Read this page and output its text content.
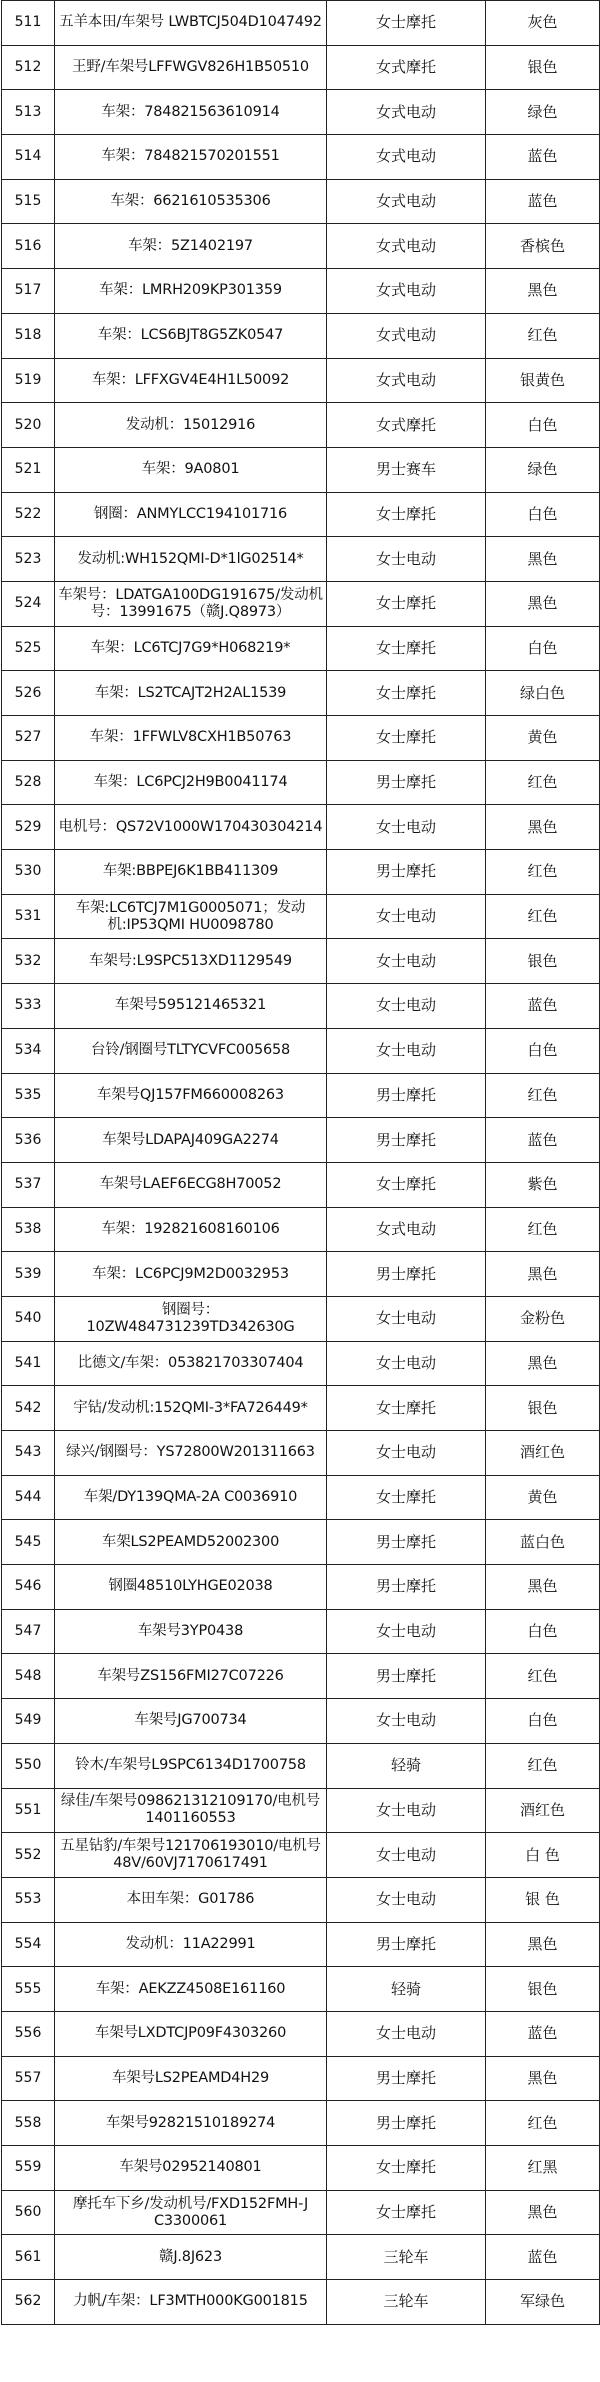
511	五羊本田/车架号 LWBTCJ504D1047492	女士摩托	灰色
512	王野/车架号LFFWGV826H1B50510	女式摩托	银色
513	车架：784821563610914	女式电动	绿色
514	车架：784821570201551	女式电动	蓝色
515	车架：6621610535306	女式电动	蓝色
516	车架：5Z1402197	女式电动	香槟色
517	车架：LMRH209KP301359	女式电动	黑色
518	车架：LCS6BJT8G5ZK0547	女式电动	红色
519	车架：LFFXGV4E4H1L50092	女式电动	银黄色
520	发动机：15012916	女式摩托	白色
521	车架：9A0801	男士赛车	绿色
522	钢圈：ANMYLCC194101716	女士摩托	白色
523	发动机:WH152QMI-D*1lG02514*	女士电动	黑色
524	车架号：LDATGA100DG191675/发动机号：13991675（赣J.Q8973）	女士摩托	黑色
525	车架：LC6TCJ7G9*H068219*	女士摩托	白色
526	车架：LS2TCAJT2H2AL1539	女士摩托	绿白色
527	车架：1FFWLV8CXH1B50763	女士摩托	黄色
528	车架：LC6PCJ2H9B0041174	男士摩托	红色
529	电机号：QS72V1000W170430304214	女士电动	黑色
530	车架:BBPEJ6K1BB411309	男士摩托	红色
531	车架:LC6TCJ7M1G0005071；发动机:IP53QMI HU0098780	女士电动	红色
532	车架号:L9SPC513XD1129549	女士电动	银色
533	车架号595121465321	女士电动	蓝色
534	台铃/钢圈号TLTYCVFC005658	女士电动	白色
535	车架号QJ157FM660008263	男士摩托	红色
536	车架号LDAPAJ409GA2274	男士摩托	蓝色
537	车架号LAEF6ECG8H70052	女士摩托	紫色
538	车架：192821608160106	女式电动	红色
539	车架：LC6PCJ9M2D0032953	男士摩托	黑色
540	钢圈号：10ZW484731239TD342630G	女士电动	金粉色
541	比德文/车架：053821703307404	女士电动	黑色
542	宇钻/发动机:152QMI-3*FA726449*	女士摩托	银色
543	绿兴/钢圈号：YS72800W201311663	女士电动	酒红色
544	车架/DY139QMA-2A C0036910	女士摩托	黄色
545	车架LS2PEAMD52002300	男士摩托	蓝白色
546	钢圈48510LYHGE02038	男士摩托	黑色
547	车架号3YP0438	女士电动	白色
548	车架号ZS156FMI27C07226	男士摩托	红色
549	车架号JG700734	女士电动	白色
550	铃木/车架号L9SPC6134D1700758	轻骑	红色
551	绿佳/车架号098621312109170/电机号1401160553	女士电动	酒红色
552	五星钻豹/车架号121706193010/电机号48V/60VJ7170617491	女士电动	白 色
553	本田车架：G01786	女士电动	银 色
554	发动机：11A22991	男士摩托	黑色
555	车架：AEKZZ4508E161160	轻骑	银色
556	车架号LXDTCJP09F4303260	女士电动	蓝色
557	车架号LS2PEAMD4H29	男士摩托	黑色
558	车架号92821510189274	男士摩托	红色
559	车架号02952140801	女士摩托	红黑
560	摩托车下乡/发动机号/FXD152FMH-J C3300061	女士摩托	黑色
561	赣J.8J623	三轮车	蓝色
562	力帆/车架：LF3MTH000KG001815	三轮车	军绿色
